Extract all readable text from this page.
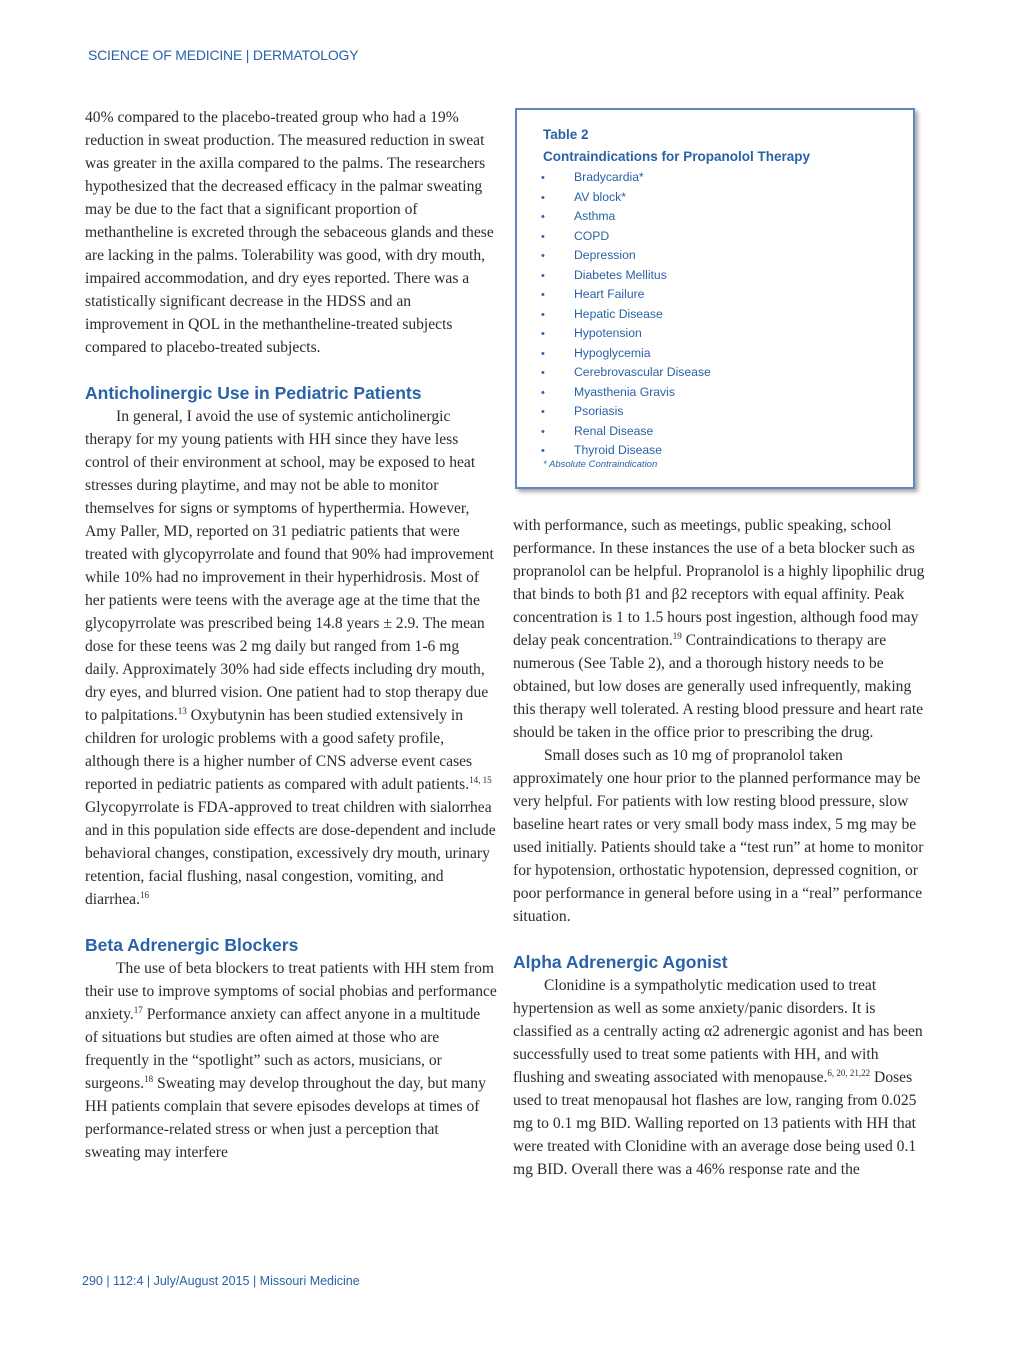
SCIENCE OF MEDICINE | DERMATOLOGY

40% compared to the placebo-treated group who had a 19% reduction in sweat production. The measured reduction in sweat was greater in the axilla compared to the palms. The researchers hypothesized that the decreased efficacy in the palmar sweating may be due to the fact that a significant proportion of methantheline is excreted through the sebaceous glands and these are lacking in the palms. Tolerability was good, with dry mouth, impaired accommodation, and dry eyes reported. There was a statistically significant decrease in the HDSS and an improvement in QOL in the methantheline-treated subjects compared to placebo-treated subjects.

Anticholinergic Use in Pediatric Patients

In general, I avoid the use of systemic anticholinergic therapy for my young patients with HH since they have less control of their environment at school, may be exposed to heat stresses during playtime, and may not be able to monitor themselves for signs or symptoms of hyperthermia. However, Amy Paller, MD, reported on 31 pediatric patients that were treated with glycopyrrolate and found that 90% had improvement while 10% had no improvement in their hyperhidrosis. Most of her patients were teens with the average age at the time that the glycopyrrolate was prescribed being 14.8 years ± 2.9. The mean dose for these teens was 2 mg daily but ranged from 1-6 mg daily. Approximately 30% had side effects including dry mouth, dry eyes, and blurred vision. One patient had to stop therapy due to palpitations.$^{13}$ Oxybutynin has been studied extensively in children for urologic problems with a good safety profile, although there is a higher number of CNS adverse event cases reported in pediatric patients as compared with adult patients.$^{14, 15}$ Glycopyrrolate is FDA-approved to treat children with sialorrhea and in this population side effects are dose-dependent and include behavioral changes, constipation, excessively dry mouth, urinary retention, facial flushing, nasal congestion, vomiting, and diarrhea.$^{16}$

Beta Adrenergic Blockers

The use of beta blockers to treat patients with HH stem from their use to improve symptoms of social phobias and performance anxiety.$^{17}$ Performance anxiety can affect anyone in a multitude of situations but studies are often aimed at those who are frequently in the “spotlight” such as actors, musicians, or surgeons.$^{18}$ Sweating may develop throughout the day, but many HH patients complain that severe episodes develops at times of performance-related stress or when just a perception that sweating may interfere

Table 2
Contraindications for Propanolol Therapy
• Bradycardia*
• AV block*
• Asthma
• COPD
• Depression
• Diabetes Mellitus
• Heart Failure
• Hepatic Disease
• Hypotension
• Hypoglycemia
• Cerebrovascular Disease
• Myasthenia Gravis
• Psoriasis
• Renal Disease
• Thyroid Disease
* Absolute Contraindication

with performance, such as meetings, public speaking, school performance. In these instances the use of a beta blocker such as propranolol can be helpful. Propranolol is a highly lipophilic drug that binds to both β1 and β2 receptors with equal affinity. Peak concentration is 1 to 1.5 hours post ingestion, although food may delay peak concentration.$^{19}$ Contraindications to therapy are numerous (See Table 2), and a thorough history needs to be obtained, but low doses are generally used infrequently, making this therapy well tolerated. A resting blood pressure and heart rate should be taken in the office prior to prescribing the drug.

Small doses such as 10 mg of propranolol taken approximately one hour prior to the planned performance may be very helpful. For patients with low resting blood pressure, slow baseline heart rates or very small body mass index, 5 mg may be used initially. Patients should take a “test run” at home to monitor for hypotension, orthostatic hypotension, depressed cognition, or poor performance in general before using in a “real” performance situation.

Alpha Adrenergic Agonist

Clonidine is a sympatholytic medication used to treat hypertension as well as some anxiety/panic disorders. It is classified as a centrally acting α2 adrenergic agonist and has been successfully used to treat some patients with HH, and with flushing and sweating associated with menopause.$^{6, 20, 21,22}$ Doses used to treat menopausal hot flashes are low, ranging from 0.025 mg to 0.1 mg BID. Walling reported on 13 patients with HH that were treated with Clonidine with an average dose being used 0.1 mg BID. Overall there was a 46% response rate and the

290 | 112:4 | July/August 2015 | Missouri Medicine
